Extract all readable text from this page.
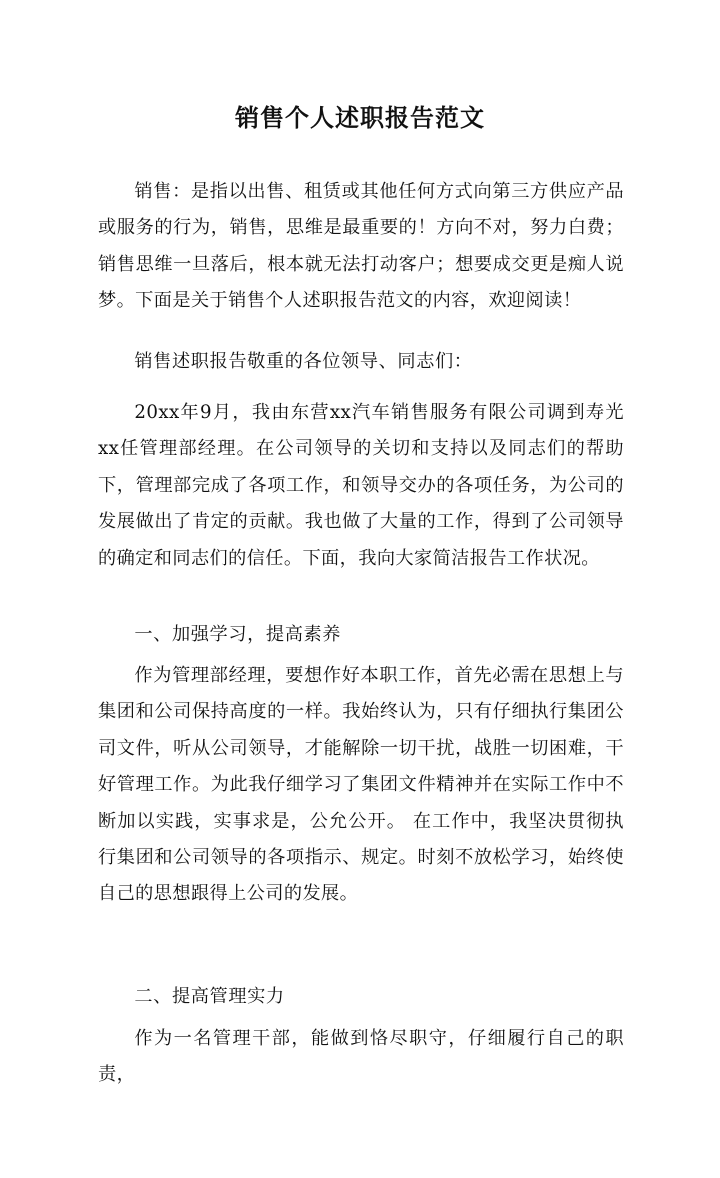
销售个人述职报告范文
销售：是指以出售、租赁或其他任何方式向第三方供应产品或服务的行为，销售，思维是最重要的！方向不对，努力白费；销售思维一旦落后，根本就无法打动客户；想要成交更是痴人说梦。下面是关于销售个人述职报告范文的内容，欢迎阅读！
销售述职报告敬重的各位领导、同志们：
20xx年9月，我由东营xx汽车销售服务有限公司调到寿光xx任管理部经理。在公司领导的关切和支持以及同志们的帮助下，管理部完成了各项工作，和领导交办的各项任务，为公司的发展做出了肯定的贡献。我也做了大量的工作，得到了公司领导的确定和同志们的信任。下面，我向大家简洁报告工作状况。
一、加强学习，提高素养
作为管理部经理，要想作好本职工作，首先必需在思想上与集团和公司保持高度的一样。我始终认为，只有仔细执行集团公司文件，听从公司领导，才能解除一切干扰，战胜一切困难，干好管理工作。为此我仔细学习了集团文件精神并在实际工作中不断加以实践，实事求是，公允公开。 在工作中，我坚决贯彻执行集团和公司领导的各项指示、规定。时刻不放松学习，始终使自己的思想跟得上公司的发展。
二、提高管理实力
作为一名管理干部，能做到恪尽职守，仔细履行自己的职责，
